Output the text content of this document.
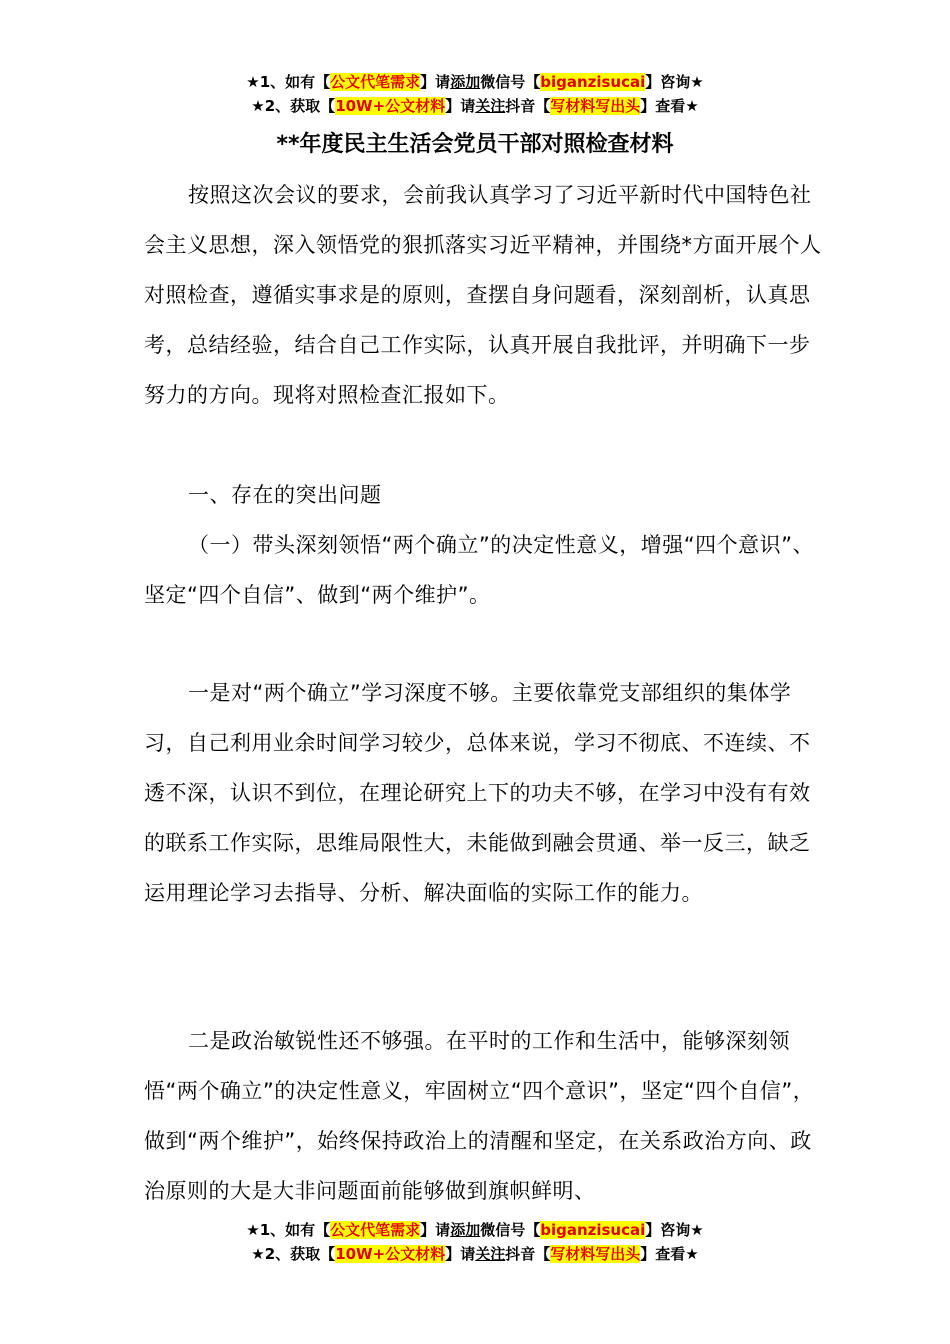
★1、如有【公文代笔需求】请添加微信号【biganzisucai】咨询★
★2、获取【10W+公文材料】请关注抖音【写材料写出头】查看★
**年度民主生活会党员干部对照检查材料

按照这次会议的要求，会前我认真学习了习近平新时代中国特色社会主义思想，深入领悟党的狠抓落实习近平精神，并围绕*方面开展个人对照检查，遵循实事求是的原则，查摆自身问题看，深刻剖析，认真思考，总结经验，结合自己工作实际，认真开展自我批评，并明确下一步努力的方向。现将对照检查汇报如下。

一、存在的突出问题

（一）带头深刻领悟“两个确立”的决定性意义，增强“四个意识”、坚定“四个自信”、做到“两个维护”。

一是对“两个确立”学习深度不够。主要依靠党支部组织的集体学习，自己利用业余时间学习较少，总体来说，学习不彻底、不连续、不透不深，认识不到位，在理论研究上下的功夫不够，在学习中没有有效的联系工作实际，思维局限性大，未能做到融会贯通、举一反三，缺乏运用理论学习去指导、分析、解决面临的实际工作的能力。

二是政治敏锐性还不够强。在平时的工作和生活中，能够深刻领悟“两个确立”的决定性意义，牢固树立“四个意识”，坚定“四个自信”，做到“两个维护”，始终保持政治上的清醒和坚定，在关系政治方向、政治原则的大是大非问题面前能够做到旗帜鲜明、

★1、如有【公文代笔需求】请添加微信号【biganzisucai】咨询★
★2、获取【10W+公文材料】请关注抖音【写材料写出头】查看★
